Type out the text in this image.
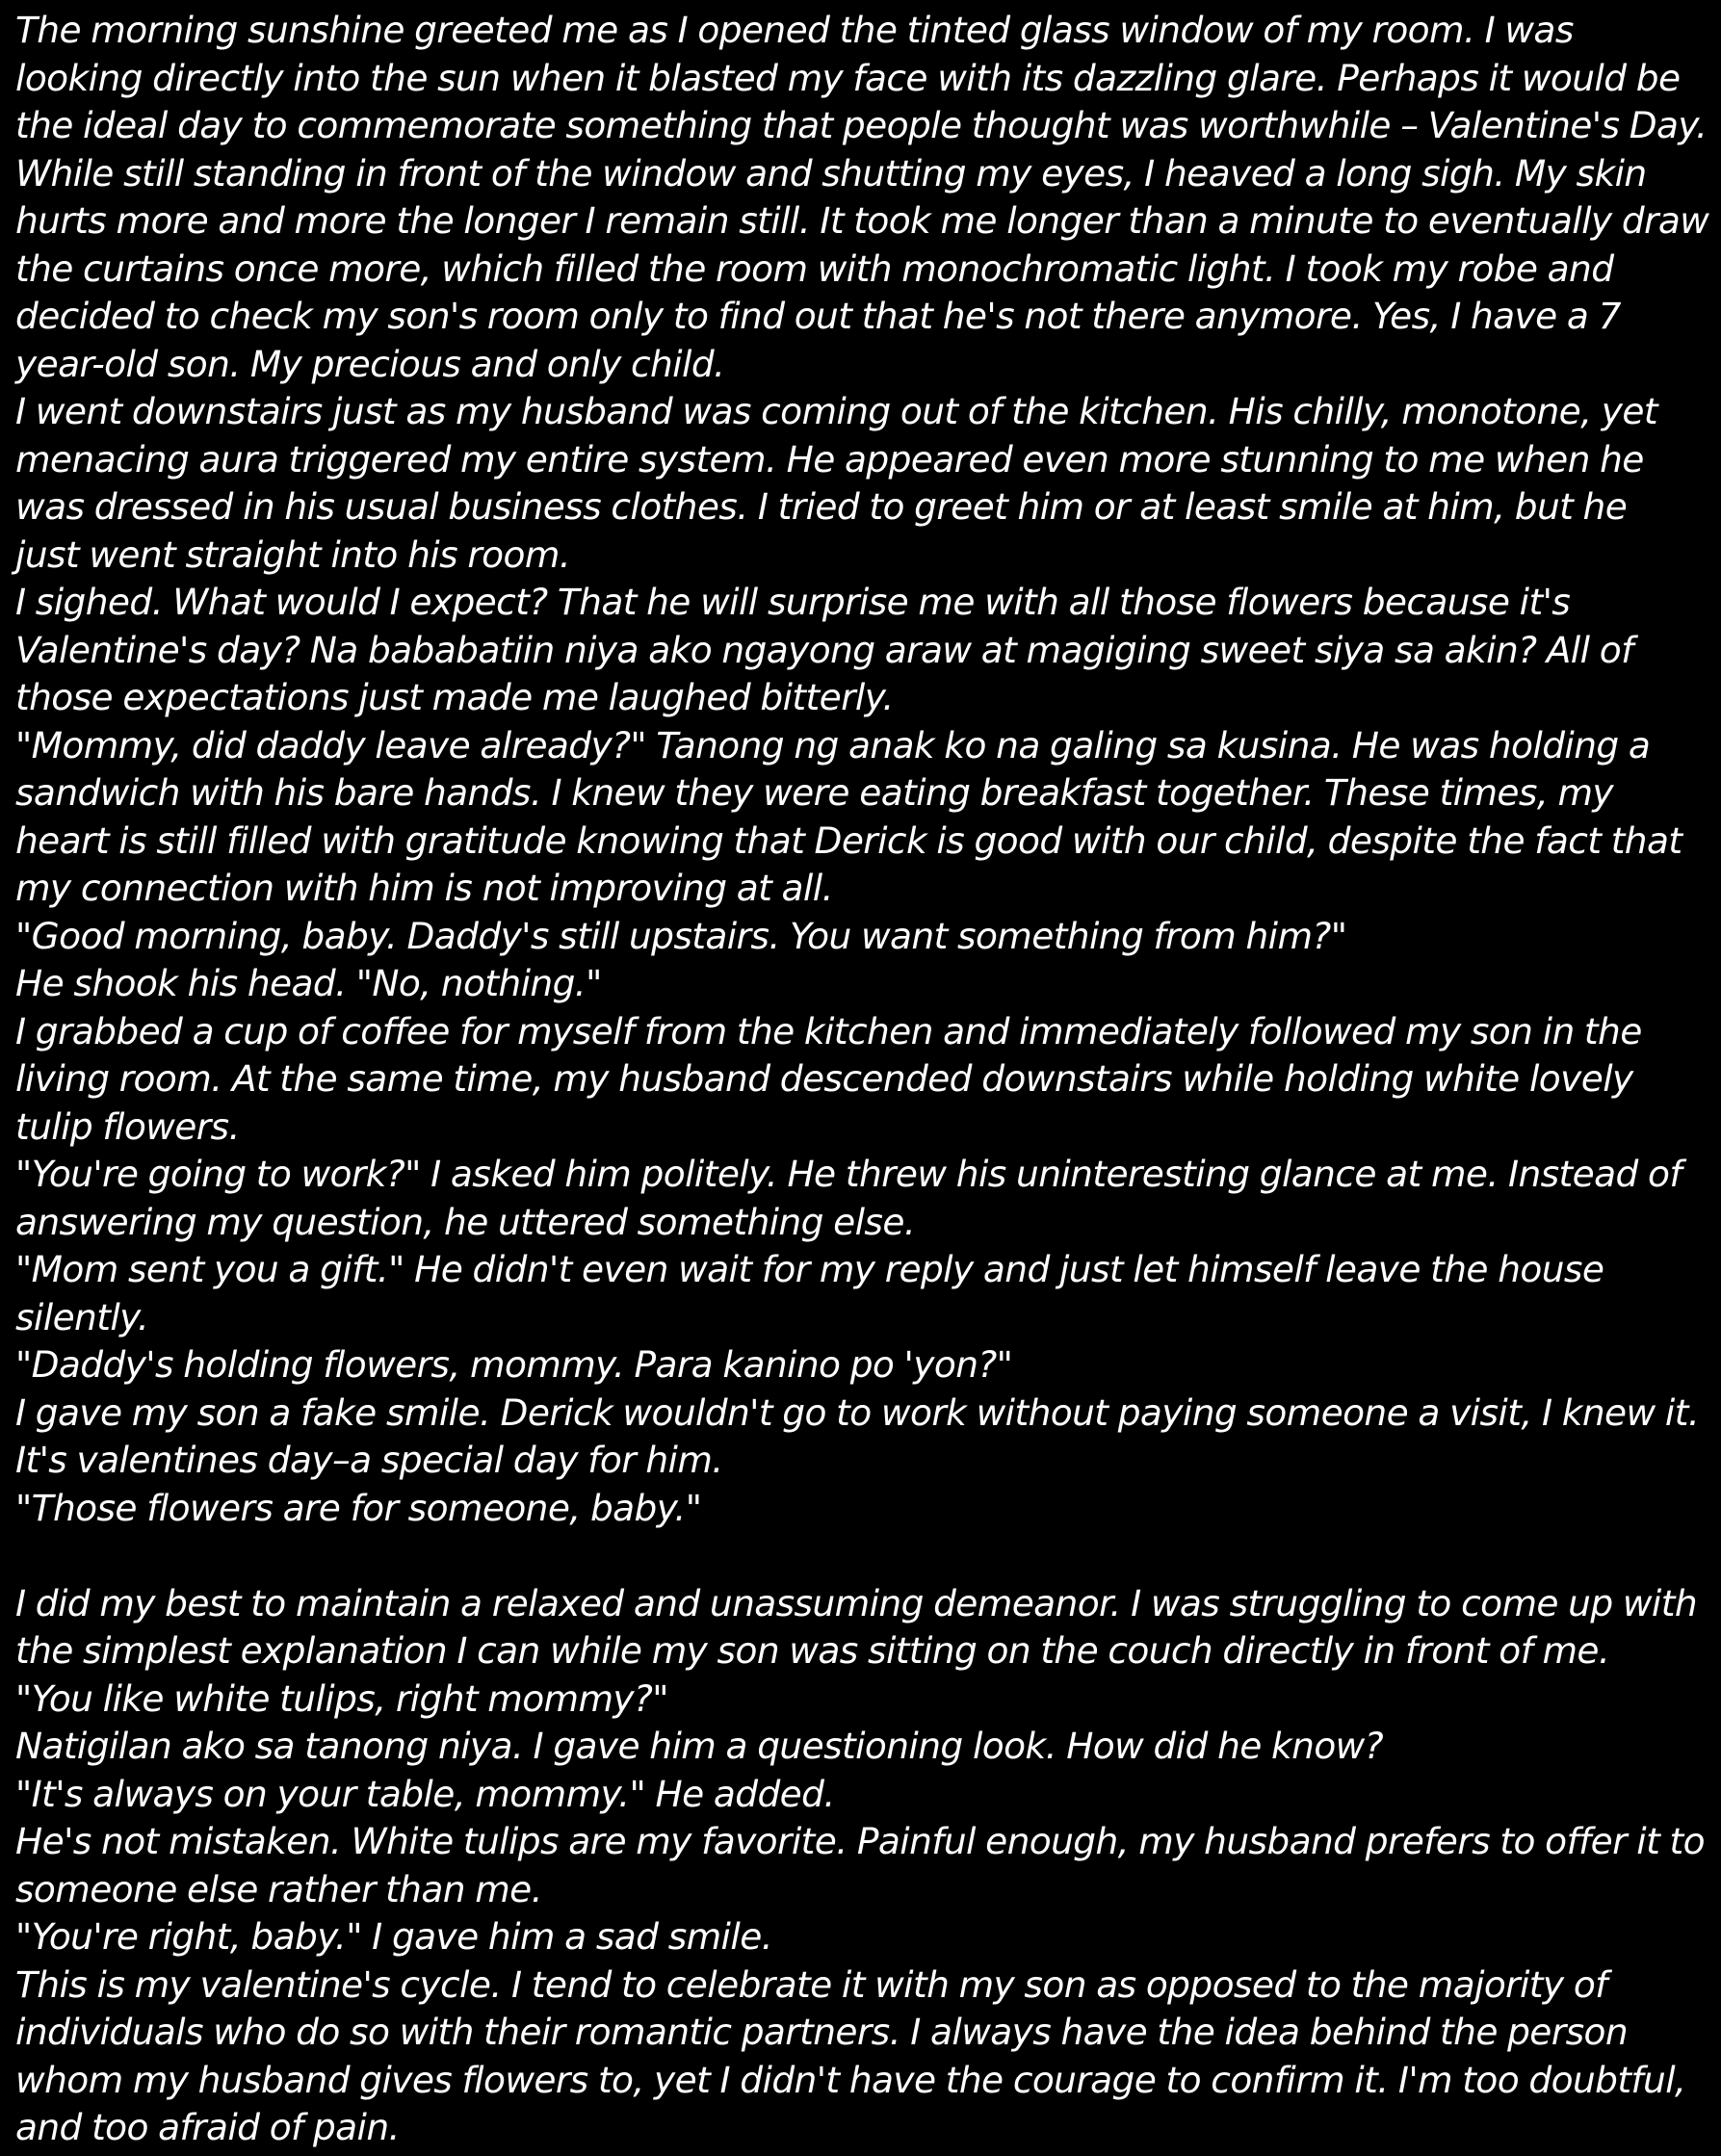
The morning sunshine greeted me as I opened the tinted glass window of my room. I was
looking directly into the sun when it blasted my face with its dazzling glare. Perhaps it would be
the ideal day to commemorate something that people thought was worthwhile – Valentine's Day.
While still standing in front of the window and shutting my eyes, I heaved a long sigh. My skin
hurts more and more the longer I remain still. It took me longer than a minute to eventually draw
the curtains once more, which filled the room with monochromatic light. I took my robe and
decided to check my son's room only to find out that he's not there anymore. Yes, I have a 7
year-old son. My precious and only child.
I went downstairs just as my husband was coming out of the kitchen. His chilly, monotone, yet
menacing aura triggered my entire system. He appeared even more stunning to me when he
was dressed in his usual business clothes. I tried to greet him or at least smile at him, but he
just went straight into his room.
I sighed. What would I expect? That he will surprise me with all those flowers because it's
Valentine's day? Na bababatiin niya ako ngayong araw at magiging sweet siya sa akin? All of
those expectations just made me laughed bitterly.
"Mommy, did daddy leave already?" Tanong ng anak ko na galing sa kusina. He was holding a
sandwich with his bare hands. I knew they were eating breakfast together. These times, my
heart is still filled with gratitude knowing that Derick is good with our child, despite the fact that
my connection with him is not improving at all.
"Good morning, baby. Daddy's still upstairs. You want something from him?"
He shook his head. "No, nothing."
I grabbed a cup of coffee for myself from the kitchen and immediately followed my son in the
living room. At the same time, my husband descended downstairs while holding white lovely
tulip flowers.
"You're going to work?" I asked him politely. He threw his uninteresting glance at me. Instead of
answering my question, he uttered something else.
"Mom sent you a gift." He didn't even wait for my reply and just let himself leave the house
silently.
"Daddy's holding flowers, mommy. Para kanino po 'yon?"
I gave my son a fake smile. Derick wouldn't go to work without paying someone a visit, I knew it.
It's valentines day–a special day for him.
"Those flowers are for someone, baby."
I did my best to maintain a relaxed and unassuming demeanor. I was struggling to come up with
the simplest explanation I can while my son was sitting on the couch directly in front of me.
"You like white tulips, right mommy?"
Natigilan ako sa tanong niya. I gave him a questioning look. How did he know?
"It's always on your table, mommy." He added.
He's not mistaken. White tulips are my favorite. Painful enough, my husband prefers to offer it to
someone else rather than me.
"You're right, baby." I gave him a sad smile.
This is my valentine's cycle. I tend to celebrate it with my son as opposed to the majority of
individuals who do so with their romantic partners. I always have the idea behind the person
whom my husband gives flowers to, yet I didn't have the courage to confirm it. I'm too doubtful,
and too afraid of pain.
